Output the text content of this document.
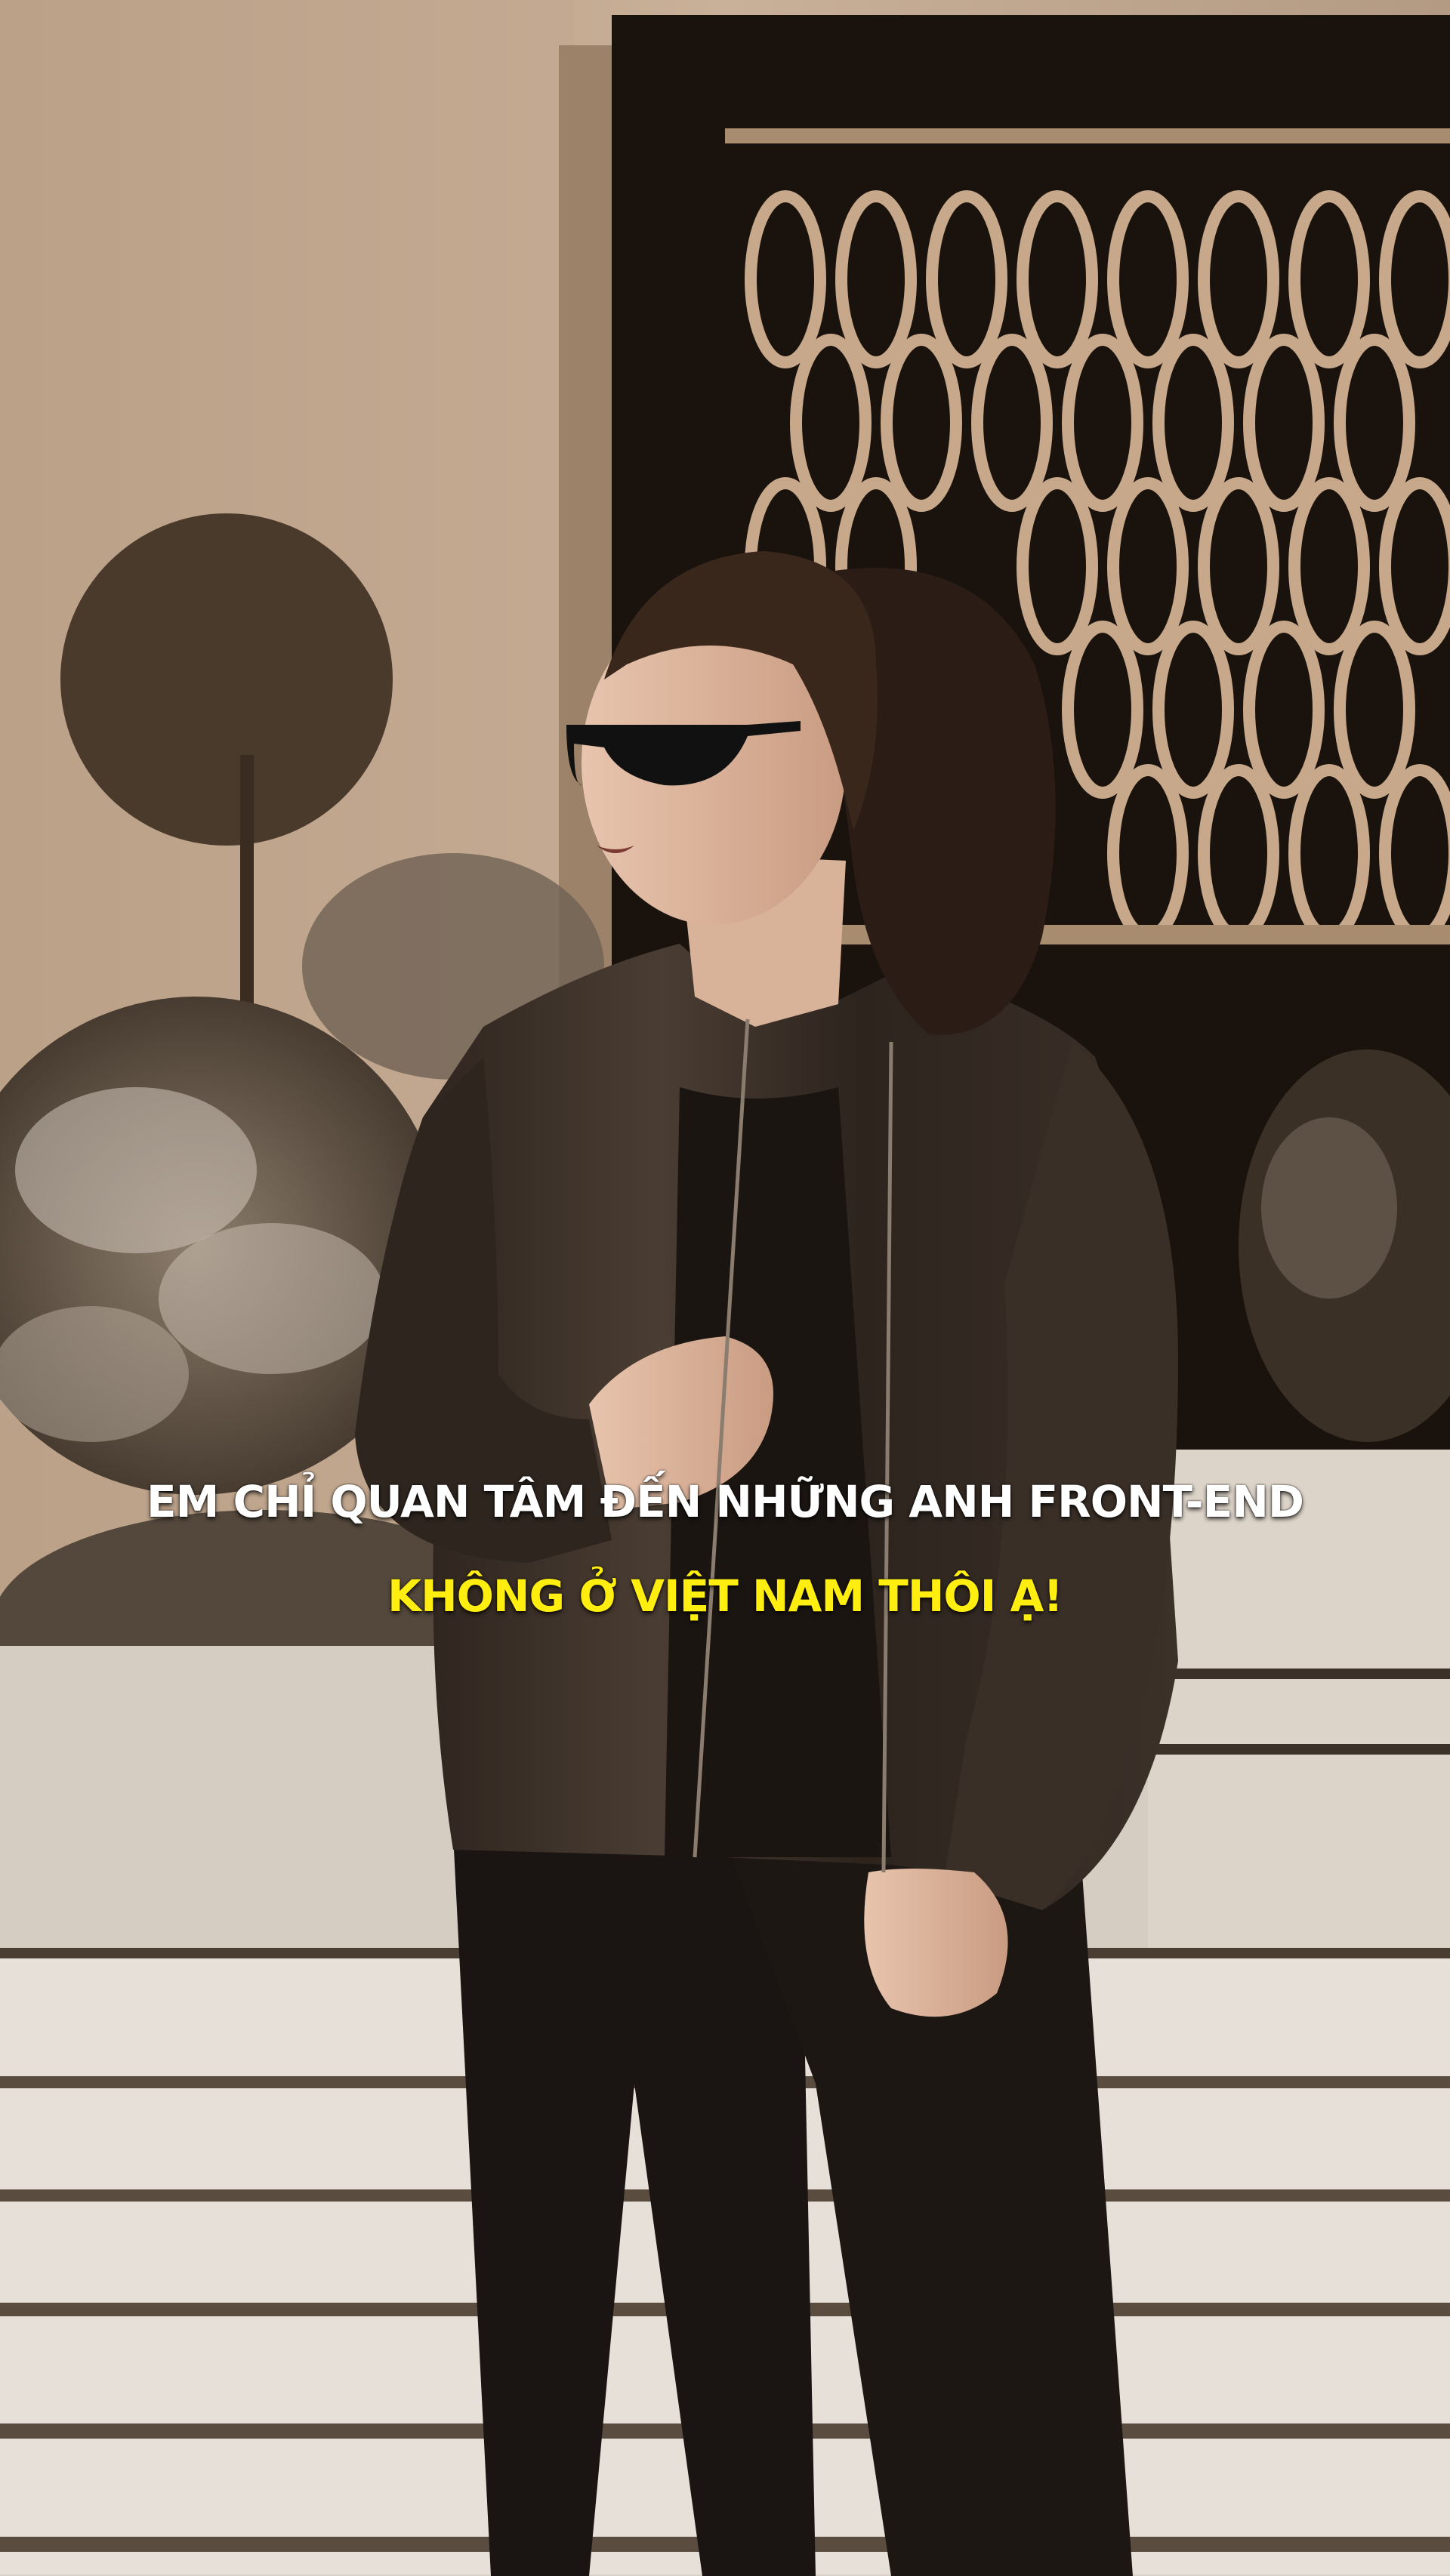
EM CHỈ QUAN TÂM ĐẾN NHỮNG ANH FRONT-END
KHÔNG Ở VIỆT NAM THÔI Ạ!
